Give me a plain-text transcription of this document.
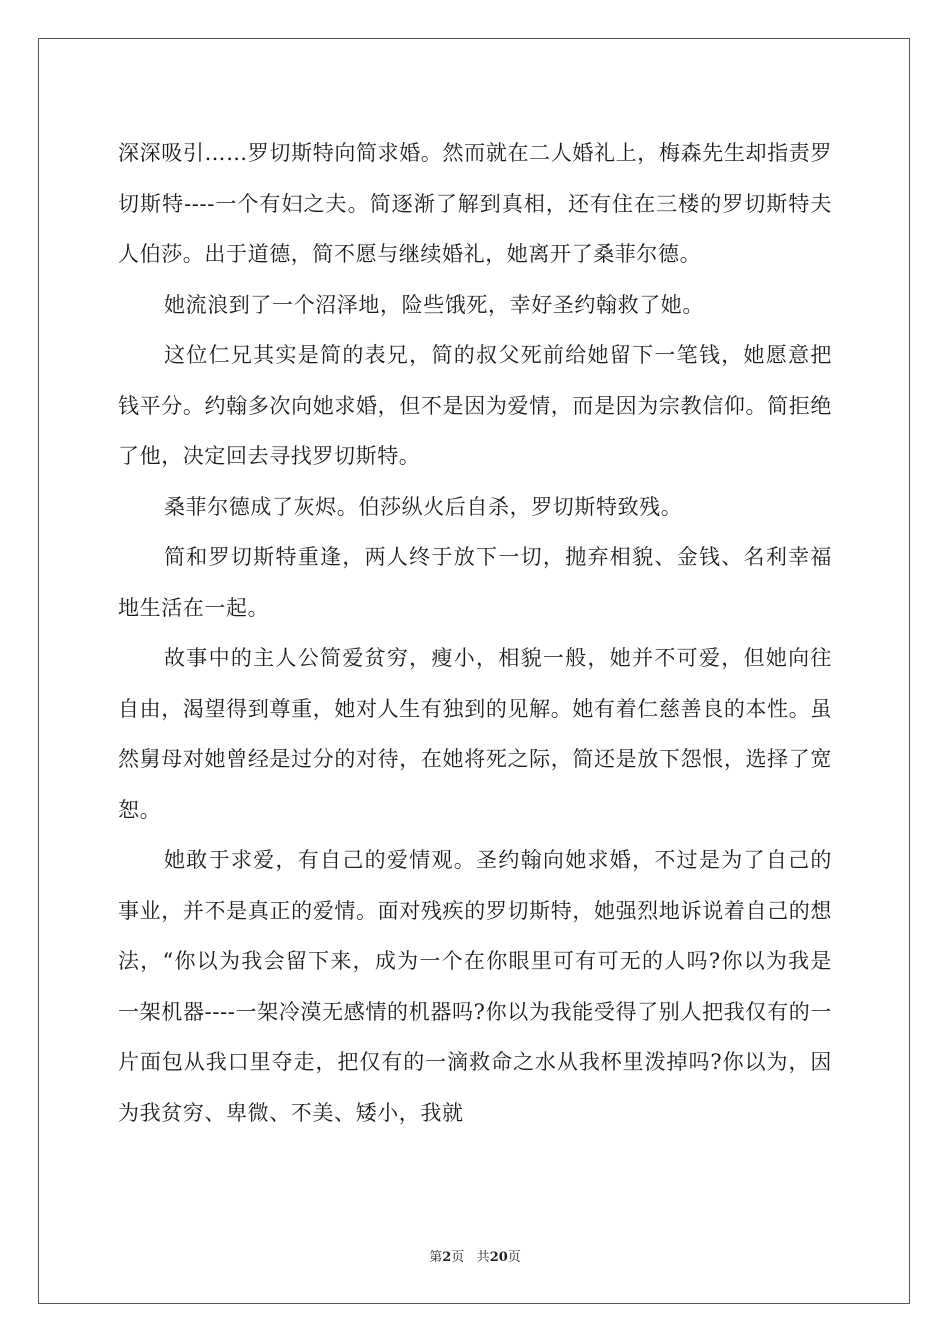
深深吸引……罗切斯特向简求婚。然而就在二人婚礼上，梅森先生却指责罗切斯特----一个有妇之夫。简逐渐了解到真相，还有住在三楼的罗切斯特夫人伯莎。出于道德，简不愿与继续婚礼，她离开了桑菲尔德。

她流浪到了一个沼泽地，险些饿死，幸好圣约翰救了她。

这位仁兄其实是简的表兄，简的叔父死前给她留下一笔钱，她愿意把钱平分。约翰多次向她求婚，但不是因为爱情，而是因为宗教信仰。简拒绝了他，决定回去寻找罗切斯特。

桑菲尔德成了灰烬。伯莎纵火后自杀，罗切斯特致残。

简和罗切斯特重逢，两人终于放下一切，抛弃相貌、金钱、名利幸福地生活在一起。

故事中的主人公简爱贫穷，瘦小，相貌一般，她并不可爱，但她向往自由，渴望得到尊重，她对人生有独到的见解。她有着仁慈善良的本性。虽然舅母对她曾经是过分的对待，在她将死之际，简还是放下怨恨，选择了宽恕。

她敢于求爱，有自己的爱情观。圣约翰向她求婚，不过是为了自己的事业，并不是真正的爱情。面对残疾的罗切斯特，她强烈地诉说着自己的想法，“你以为我会留下来，成为一个在你眼里可有可无的人吗?你以为我是一架机器----一架冷漠无感情的机器吗?你以为我能受得了别人把我仅有的一片面包从我口里夺走，把仅有的一滴救命之水从我杯里泼掉吗?你以为，因为我贫穷、卑微、不美、矮小，我就

第2页 共20页
